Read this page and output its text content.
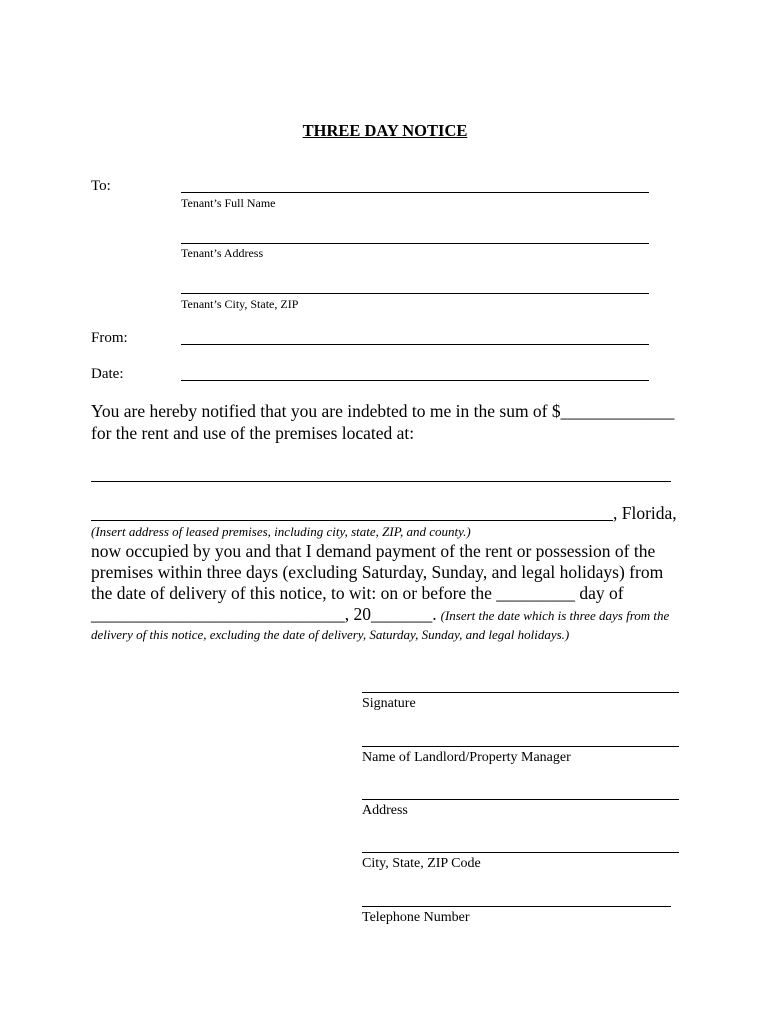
THREE DAY NOTICE
To:
Tenant’s Full Name
Tenant’s Address
Tenant’s City, State, ZIP
From:
Date:
You are hereby notified that you are indebted to me in the sum of $_____________
for the rent and use of the premises located at:
, Florida,
(Insert address of leased premises, including city, state, ZIP, and county.)
now occupied by you and that I demand payment of the rent or possession of the
premises within three days (excluding Saturday, Sunday, and legal holidays) from
the date of delivery of this notice, to wit: on or before the _________ day of
_____________________________, 20_______. (Insert the date which is three days from the
delivery of this notice, excluding the date of delivery, Saturday, Sunday, and legal holidays.)
Signature
Name of Landlord/Property Manager
Address
City, State, ZIP Code
Telephone Number
